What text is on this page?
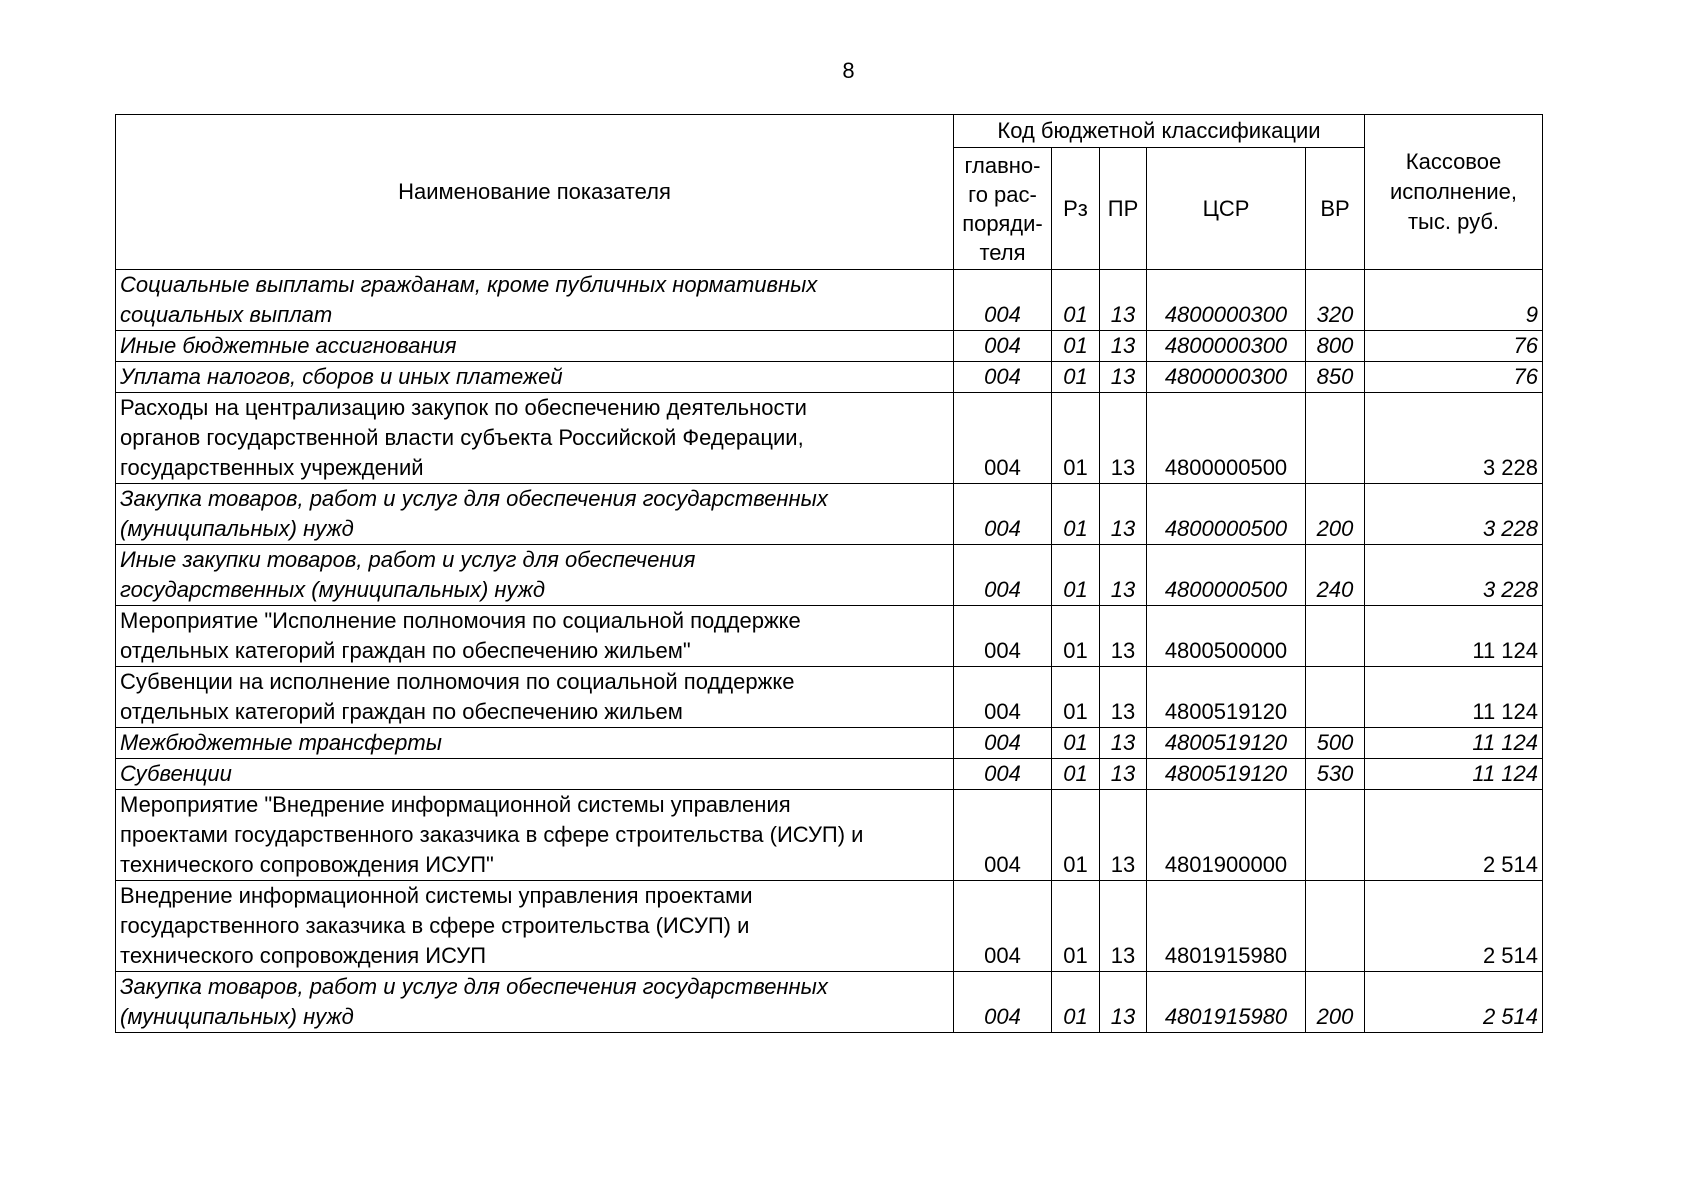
8
Наименование показателя	Код бюджетной классификации					Кассовое
исполнение,
тыс. руб.

	главно-
го рас-
поряди-
теля	Рз	ПР	ЦСР	ВР	

Социальные выплаты гражданам, кроме публичных нормативных
социальных выплат	004	01	13	4800000300	320	9

Иные бюджетные ассигнования	004	01	13	4800000300	800	76

Уплата налогов, сборов и иных платежей	004	01	13	4800000300	850	76

Расходы на централизацию закупок по обеспечению деятельности
органов государственной власти субъекта Российской Федерации,
государственных учреждений	004	01	13	4800000500		3 228

Закупка товаров, работ и услуг для обеспечения государственных
(муниципальных) нужд	004	01	13	4800000500	200	3 228

Иные закупки товаров, работ и услуг для обеспечения
государственных (муниципальных) нужд	004	01	13	4800000500	240	3 228

Мероприятие "Исполнение полномочия по социальной поддержке
отдельных категорий граждан по обеспечению жильем"	004	01	13	4800500000		11 124

Субвенции на исполнение полномочия по социальной поддержке
отдельных категорий граждан по обеспечению жильем	004	01	13	4800519120		11 124

Межбюджетные трансферты	004	01	13	4800519120	500	11 124

Субвенции	004	01	13	4800519120	530	11 124

Мероприятие "Внедрение информационной системы управления
проектами государственного заказчика в сфере строительства (ИСУП) и
технического сопровождения ИСУП"	004	01	13	4801900000		2 514

Внедрение информационной системы управления проектами
государственного заказчика в сфере строительства (ИСУП) и
технического сопровождения ИСУП	004	01	13	4801915980		2 514

Закупка товаров, работ и услуг для обеспечения государственных
(муниципальных) нужд	004	01	13	4801915980	200	2 514
